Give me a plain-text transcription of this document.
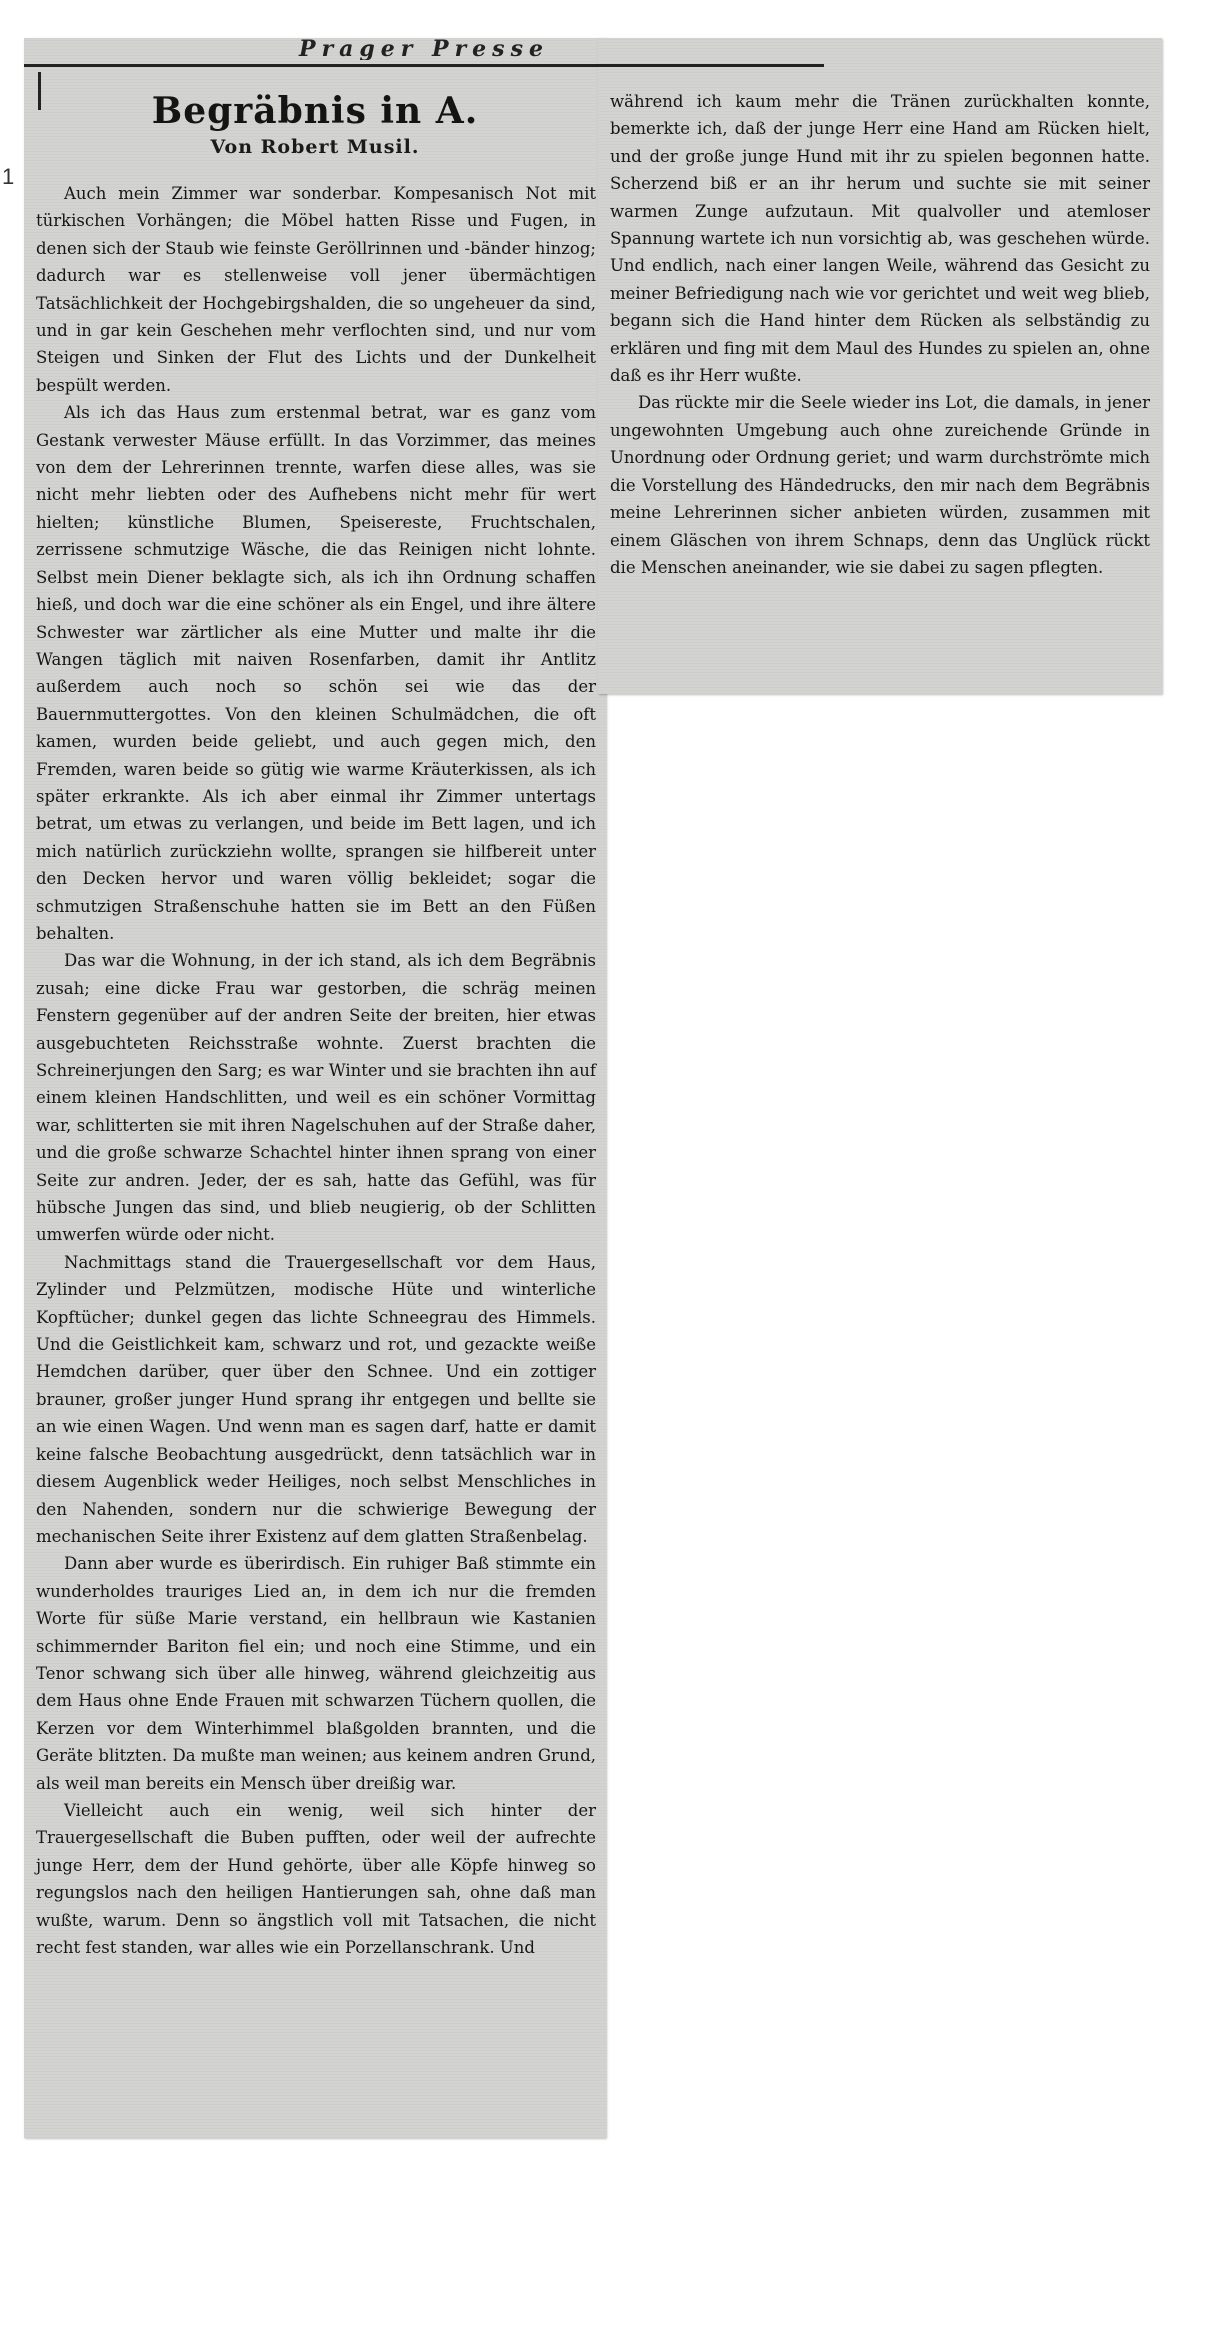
1
Begräbnis in A.
Von Robert Musil.

Auch mein Zimmer war sonderbar. Kompesanisch Not mit türkischen Vorhängen; die Möbel hatten Risse und Fugen, in denen sich der Staub wie feinste Geröllrinnen und -bänder hinzog; dadurch war es stellenweise voll jener übermächtigen Tatsächlichkeit der Hochgebirgshalden, die so ungeheuer da sind, und in gar kein Geschehen mehr verflochten sind, und nur vom Steigen und Sinken der Flut des Lichts und der Dunkelheit bespült werden.

Als ich das Haus zum erstenmal betrat, war es ganz vom Gestank verwester Mäuse erfüllt. In das Vorzimmer, das meines von dem der Lehrerinnen trennte, warfen diese alles, was sie nicht mehr liebten oder des Aufhebens nicht mehr für wert hielten; künstliche Blumen, Speisereste, Fruchtschalen, zerrissene schmutzige Wäsche, die das Reinigen nicht lohnte. Selbst mein Diener beklagte sich, als ich ihn Ordnung schaffen hieß, und doch war die eine schöner als ein Engel, und ihre ältere Schwester war zärtlicher als eine Mutter und malte ihr die Wangen täglich mit naiven Rosenfarben, damit ihr Antlitz außerdem auch noch so schön sei wie das der Bauernmuttergottes. Von den kleinen Schulmädchen, die oft kamen, wurden beide geliebt, und auch gegen mich, den Fremden, waren beide so gütig wie warme Kräuterkissen, als ich später erkrankte. Als ich aber einmal ihr Zimmer untertags betrat, um etwas zu verlangen, und beide im Bett lagen, und ich mich natürlich zurückziehn wollte, sprangen sie hilfbereit unter den Decken hervor und waren völlig bekleidet; sogar die schmutzigen Straßenschuhe hatten sie im Bett an den Füßen behalten.

Das war die Wohnung, in der ich stand, als ich dem Begräbnis zusah; eine dicke Frau war gestorben, die schräg meinen Fenstern gegenüber auf der andren Seite der breiten, hier etwas ausgebuchteten Reichsstraße wohnte. Zuerst brachten die Schreinerjungen den Sarg; es war Winter und sie brachten ihn auf einem kleinen Handschlitten, und weil es ein schöner Vormittag war, schlitterten sie mit ihren Nagelschuhen auf der Straße daher, und die große schwarze Schachtel hinter ihnen sprang von einer Seite zur andren. Jeder, der es sah, hatte das Gefühl, was für hübsche Jungen das sind, und blieb neugierig, ob der Schlitten umwerfen würde oder nicht.

Nachmittags stand die Trauergesellschaft vor dem Haus, Zylinder und Pelzmützen, modische Hüte und winterliche Kopftücher; dunkel gegen das lichte Schneegrau des Himmels. Und die Geistlichkeit kam, schwarz und rot, und gezackte weiße Hemdchen darüber, quer über den Schnee. Und ein zottiger brauner, großer junger Hund sprang ihr entgegen und bellte sie an wie einen Wagen. Und wenn man es sagen darf, hatte er damit keine falsche Beobachtung ausgedrückt, denn tatsächlich war in diesem Augenblick weder Heiliges, noch selbst Menschliches in den Nahenden, sondern nur die schwierige Bewegung der mechanischen Seite ihrer Existenz auf dem glatten Straßenbelag.

Dann aber wurde es überirdisch. Ein ruhiger Baß stimmte ein wunderholdes trauriges Lied an, in dem ich nur die fremden Worte für süße Marie verstand, ein hellbraun wie Kastanien schimmernder Bariton fiel ein; und noch eine Stimme, und ein Tenor schwang sich über alle hinweg, während gleichzeitig aus dem Haus ohne Ende Frauen mit schwarzen Tüchern quollen, die Kerzen vor dem Winterhimmel blaßgolden brannten, und die Geräte blitzten. Da mußte man weinen; aus keinem andren Grund, als weil man bereits ein Mensch über dreißig war.

Vielleicht auch ein wenig, weil sich hinter der Trauergesellschaft die Buben pufften, oder weil der aufrechte junge Herr, dem der Hund gehörte, über alle Köpfe hinweg so regungslos nach den heiligen Hantierungen sah, ohne daß man wußte, warum. Denn so ängstlich voll mit Tatsachen, die nicht recht fest standen, war alles wie ein Porzellanschrank. Und

während ich kaum mehr die Tränen zurückhalten konnte, bemerkte ich, daß der junge Herr eine Hand am Rücken hielt, und der große junge Hund mit ihr zu spielen begonnen hatte. Scherzend biß er an ihr herum und suchte sie mit seiner warmen Zunge aufzutaun. Mit qualvoller und atemloser Spannung wartete ich nun vorsichtig ab, was geschehen würde. Und endlich, nach einer langen Weile, während das Gesicht zu meiner Befriedigung nach wie vor gerichtet und weit weg blieb, begann sich die Hand hinter dem Rücken als selbständig zu erklären und fing mit dem Maul des Hundes zu spielen an, ohne daß es ihr Herr wußte.

Das rückte mir die Seele wieder ins Lot, die damals, in jener ungewohnten Umgebung auch ohne zureichende Gründe in Unordnung oder Ordnung geriet; und warm durchströmte mich die Vorstellung des Händedrucks, den mir nach dem Begräbnis meine Lehrerinnen sicher anbieten würden, zusammen mit einem Gläschen von ihrem Schnaps, denn das Unglück rückt die Menschen aneinander, wie sie dabei zu sagen pflegten.

Prager Presse
